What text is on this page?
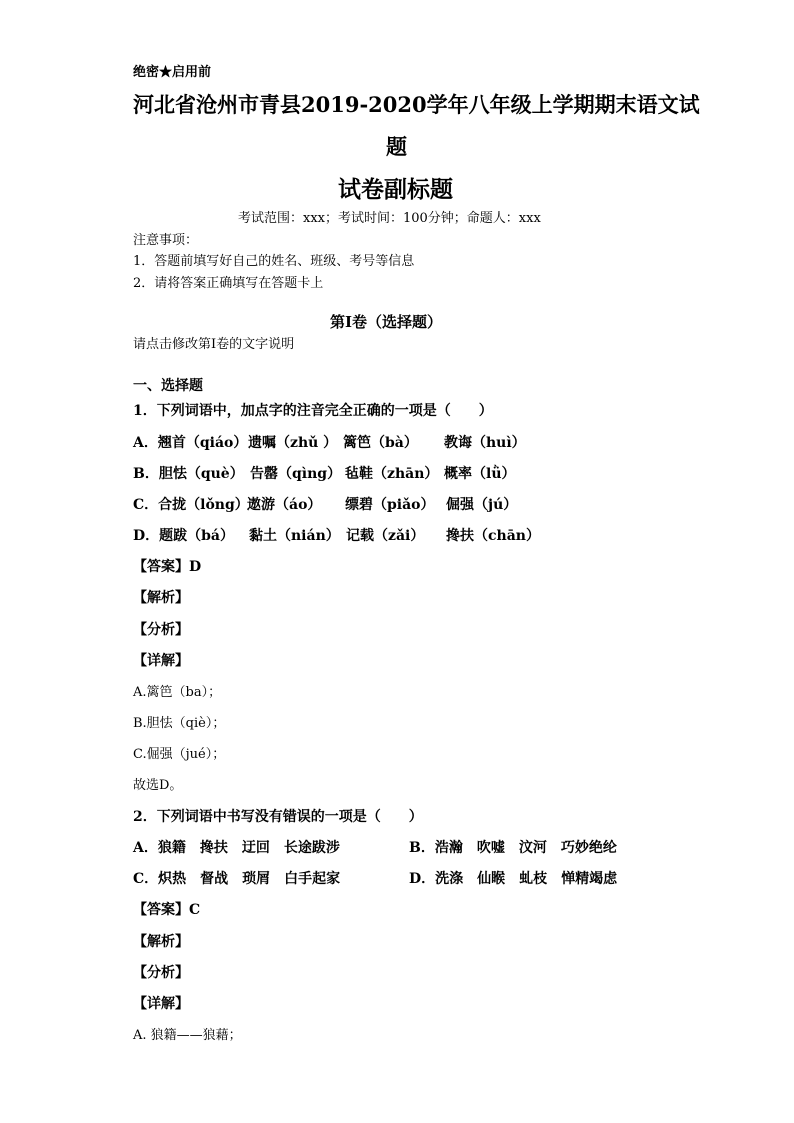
绝密★启用前
河北省沧州市青县2019-2020学年八年级上学期期末语文试
题
试卷副标题
考试范围：xxx；考试时间：100分钟；命题人：xxx
注意事项：
1．答题前填写好自己的姓名、班级、考号等信息
2．请将答案正确填写在答题卡上
第I卷（选择题）
请点击修改第I卷的文字说明
一、选择题
1．下列词语中，加点字的注音完全正确的一项是（　　）
A．翘首（qiáo） 遗嘱（zhǔ ） 篱笆（bà） 教诲（huì）
B．胆怯（què） 告罄（qìng） 毡鞋（zhān） 概率（lǜ）
C．合拢（lǒng）
遨游（áo） 缥碧（piǎo） 倔强（jú）
D．题跋（bá） 黏土（nián） 记载（zǎi） 搀扶（chān）
【答案】D
【解析】
【分析】
【详解】
A.篱笆（ba）；
B.胆怯（qiè）；
C.倔强（jué）；
故选D。
2．下列词语中书写没有错误的一项是（　　）
A．狼籍　搀扶　迂回　长途跋涉	B．浩瀚　吹嘘　汶河　巧妙绝纶
C．炽热　督战　琐屑　白手起家	D．洗涤　仙睺　虬枝　惮精竭虑
【答案】C
【解析】
【分析】
【详解】
A. 狼籍——狼藉；
